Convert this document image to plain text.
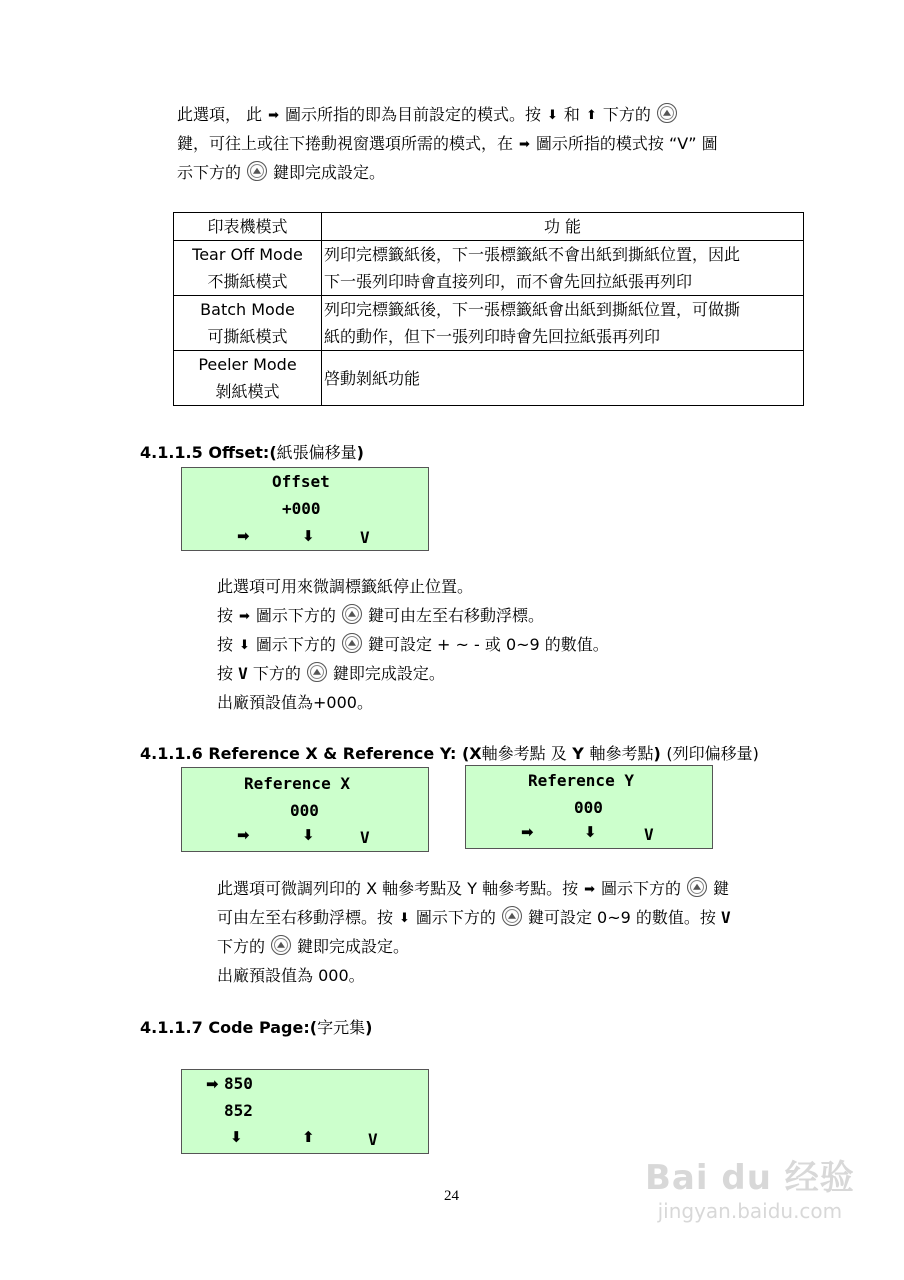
此選項， 此 ➡ 圖示所指的即為目前設定的模式。按 ⬇ 和 ⬆ 下方的
鍵，可往上或往下捲動視窗選項所需的模式，在 ➡ 圖示所指的模式按 “V” 圖
示下方的 鍵即完成設定。
印表機模式	功 能
Tear Off Mode
不撕紙模式	列印完標籤紙後，下一張標籤紙不會出紙到撕紙位置，因此
下一張列印時會直接列印，而不會先回拉紙張再列印
Batch Mode
可撕紙模式	列印完標籤紙後，下一張標籤紙會出紙到撕紙位置，可做撕
紙的動作，但下一張列印時會先回拉紙張再列印
Peeler Mode
剝紙模式	啓動剝紙功能
4.1.1.5 Offset:(紙張偏移量)
Offset
+000
➡	⬇	V
此選項可用來微調標籤紙停止位置。
按 ➡ 圖示下方的 鍵可由左至右移動浮標。
按 ⬇ 圖示下方的 鍵可設定 + ~ - 或 0~9 的數值。
按 V 下方的 鍵即完成設定。
出廠預設值為+000。
4.1.1.6 Reference X & Reference Y: (X軸參考點 及 Y 軸參考點) (列印偏移量)
Reference X
000
➡	⬇	V
Reference Y
000
➡	⬇	V
此選項可微調列印的 X 軸參考點及 Y 軸參考點。按 ➡ 圖示下方的 鍵
可由左至右移動浮標。按 ⬇ 圖示下方的 鍵可設定 0~9 的數值。按 V
下方的 鍵即完成設定。
出廠預設值為 000。
4.1.1.7 Code Page:(字元集)
➡ 850
852
⬇	⬆	V
24	Bai du 经验
jingyan.baidu.com
